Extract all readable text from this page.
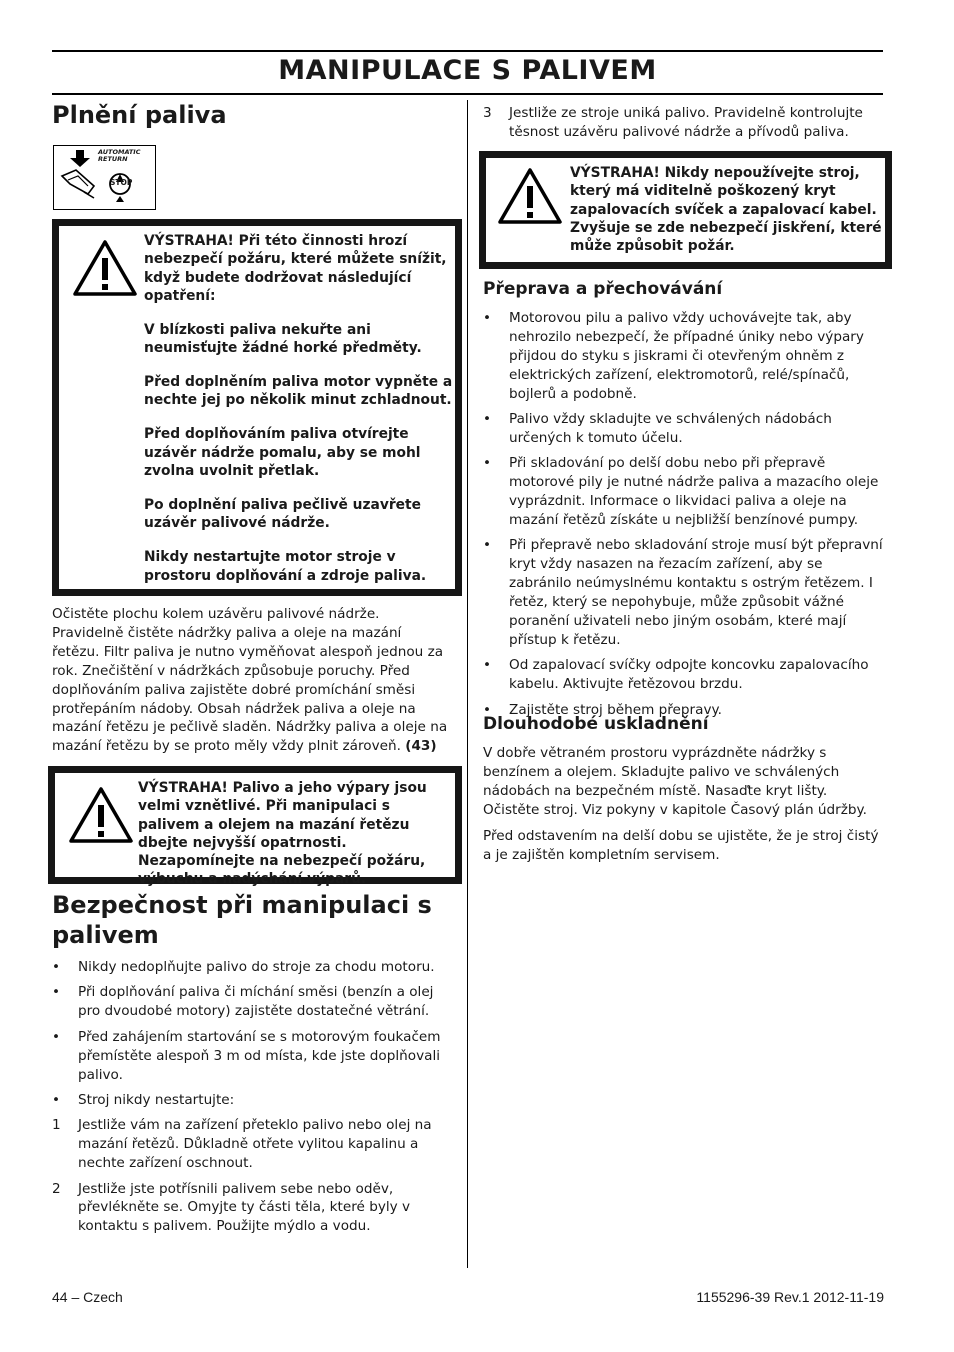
MANIPULACE S PALIVEM
Plnění paliva
AUTOMATIC
RETURN
STOP

VÝSTRAHA! Při této činnosti hrozí nebezpečí požáru, které můžete snížit, když budete dodržovat následující opatření:

V blízkosti paliva nekuřte ani neumisťujte žádné horké předměty.

Před doplněním paliva motor vypněte a nechte jej po několik minut zchladnout.

Před doplňováním paliva otvírejte uzávěr nádrže pomalu, aby se mohl zvolna uvolnit přetlak.

Po doplnění paliva pečlivě uzavřete uzávěr palivové nádrže.

Nikdy nestartujte motor stroje v prostoru doplňování a zdroje paliva.

Očistěte plochu kolem uzávěru palivové nádrže. Pravidelně čistěte nádržky paliva a oleje na mazání řetězu. Filtr paliva je nutno vyměňovat alespoň jednou za rok. Znečištění v nádržkách způsobuje poruchy. Před doplňováním paliva zajistěte dobré promíchání směsi protřepáním nádoby. Obsah nádržek paliva a oleje na mazání řetězu je pečlivě sladěn. Nádržky paliva a oleje na mazání řetězu by se proto měly vždy plnit zároveň. (43)

VÝSTRAHA! Palivo a jeho výpary jsou velmi vznětlivé. Při manipulaci s palivem a olejem na mazání řetězu dbejte nejvyšší opatrnosti. Nezapomínejte na nebezpečí požáru, výbuchu a nadýchání výparů.

Bezpečnost při manipulaci s palivem
• Nikdy nedoplňujte palivo do stroje za chodu motoru.
• Při doplňování paliva či míchání směsi (benzín a olej pro dvoudobé motory) zajistěte dostatečné větrání.
• Před zahájením startování se s motorovým foukačem přemístěte alespoň 3 m od místa, kde jste doplňovali palivo.
• Stroj nikdy nestartujte:
1 Jestliže vám na zařízení přeteklo palivo nebo olej na mazání řetězů. Důkladně otřete vylitou kapalinu a nechte zařízení oschnout.
2 Jestliže jste potřísnili palivem sebe nebo oděv, převlékněte se. Omyjte ty části těla, které byly v kontaktu s palivem. Použijte mýdlo a vodu.
3 Jestliže ze stroje uniká palivo. Pravidelně kontrolujte těsnost uzávěru palivové nádrže a přívodů paliva.

VÝSTRAHA! Nikdy nepoužívejte stroj, který má viditelně poškozený kryt zapalovacích svíček a zapalovací kabel. Zvyšuje se zde nebezpečí jiskření, které může způsobit požár.

Přeprava a přechovávání
• Motorovou pilu a palivo vždy uchovávejte tak, aby nehrozilo nebezpečí, že případné úniky nebo výpary přijdou do styku s jiskrami či otevřeným ohněm z elektrických zařízení, elektromotorů, relé/spínačů, bojlerů a podobně.
• Palivo vždy skladujte ve schválených nádobách určených k tomuto účelu.
• Při skladování po delší dobu nebo při přepravě motorové pily je nutné nádrže paliva a mazacího oleje vyprázdnit. Informace o likvidaci paliva a oleje na mazání řetězů získáte u nejbližší benzínové pumpy.
• Při přepravě nebo skladování stroje musí být přepravní kryt vždy nasazen na řezacím zařízení, aby se zabránilo neúmyslnému kontaktu s ostrým řetězem. I řetěz, který se nepohybuje, může způsobit vážné poranění uživateli nebo jiným osobám, které mají přístup k řetězu.
• Od zapalovací svíčky odpojte koncovku zapalovacího kabelu. Aktivujte řetězovou brzdu.
• Zajistěte stroj během přepravy.
Dlouhodobé uskladnění

V dobře větraném prostoru vyprázdněte nádržky s benzínem a olejem. Skladujte palivo ve schválených nádobách na bezpečném místě. Nasaďte kryt lišty. Očistěte stroj. Viz pokyny v kapitole Časový plán údržby.

Před odstavením na delší dobu se ujistěte, že je stroj čistý a je zajištěn kompletním servisem.

44 – Czech	1155296-39 Rev.1 2012-11-19
